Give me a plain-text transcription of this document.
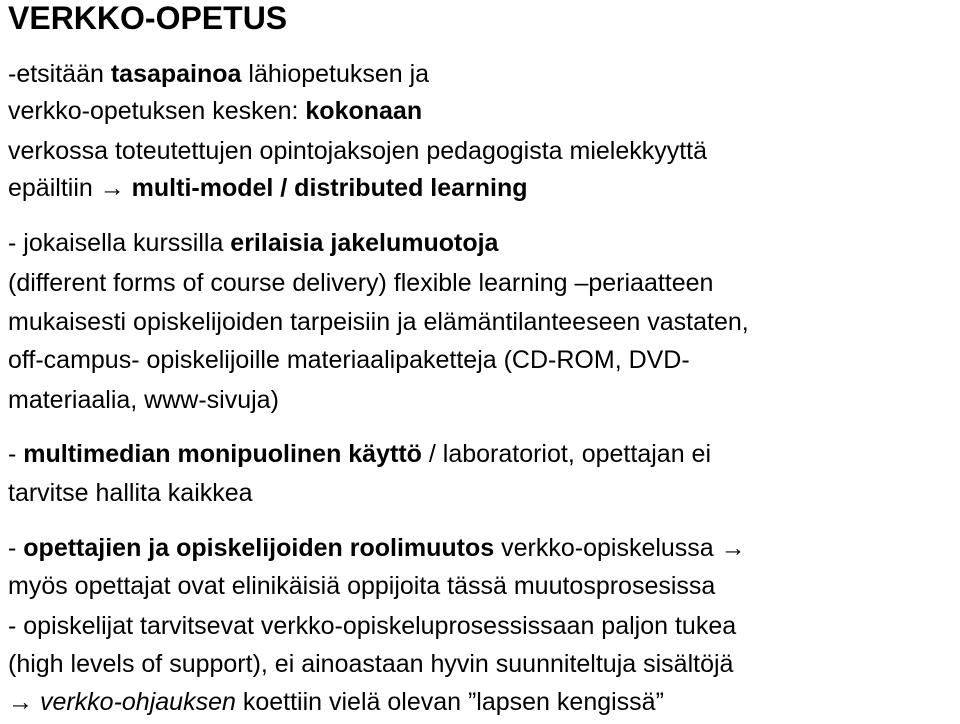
VERKKO-OPETUS
-etsitään tasapainoa lähiopetuksen ja
verkko-opetuksen kesken: kokonaan
verkossa toteutettujen opintojaksojen pedagogista mielekkyyttä
epäiltiin → multi-model / distributed learning
- jokaisella kurssilla erilaisia jakelumuotoja
(different forms of course delivery) flexible learning –periaatteen
mukaisesti opiskelijoiden tarpeisiin ja elämäntilanteeseen vastaten,
off-campus- opiskelijoille materiaalipaketteja (CD-ROM, DVD-
materiaalia, www-sivuja)
- multimedian monipuolinen käyttö / laboratoriot, opettajan ei
tarvitse hallita kaikkea
- opettajien ja opiskelijoiden roolimuutos verkko-opiskelussa →
myös opettajat ovat elinikäisiä oppijoita tässä muutosprosesissa
- opiskelijat tarvitsevat verkko-opiskeluprosessissaan paljon tukea
(high levels of support), ei ainoastaan hyvin suunniteltuja sisältöjä
→ verkko-ohjauksen koettiin vielä olevan ”lapsen kengissä”
